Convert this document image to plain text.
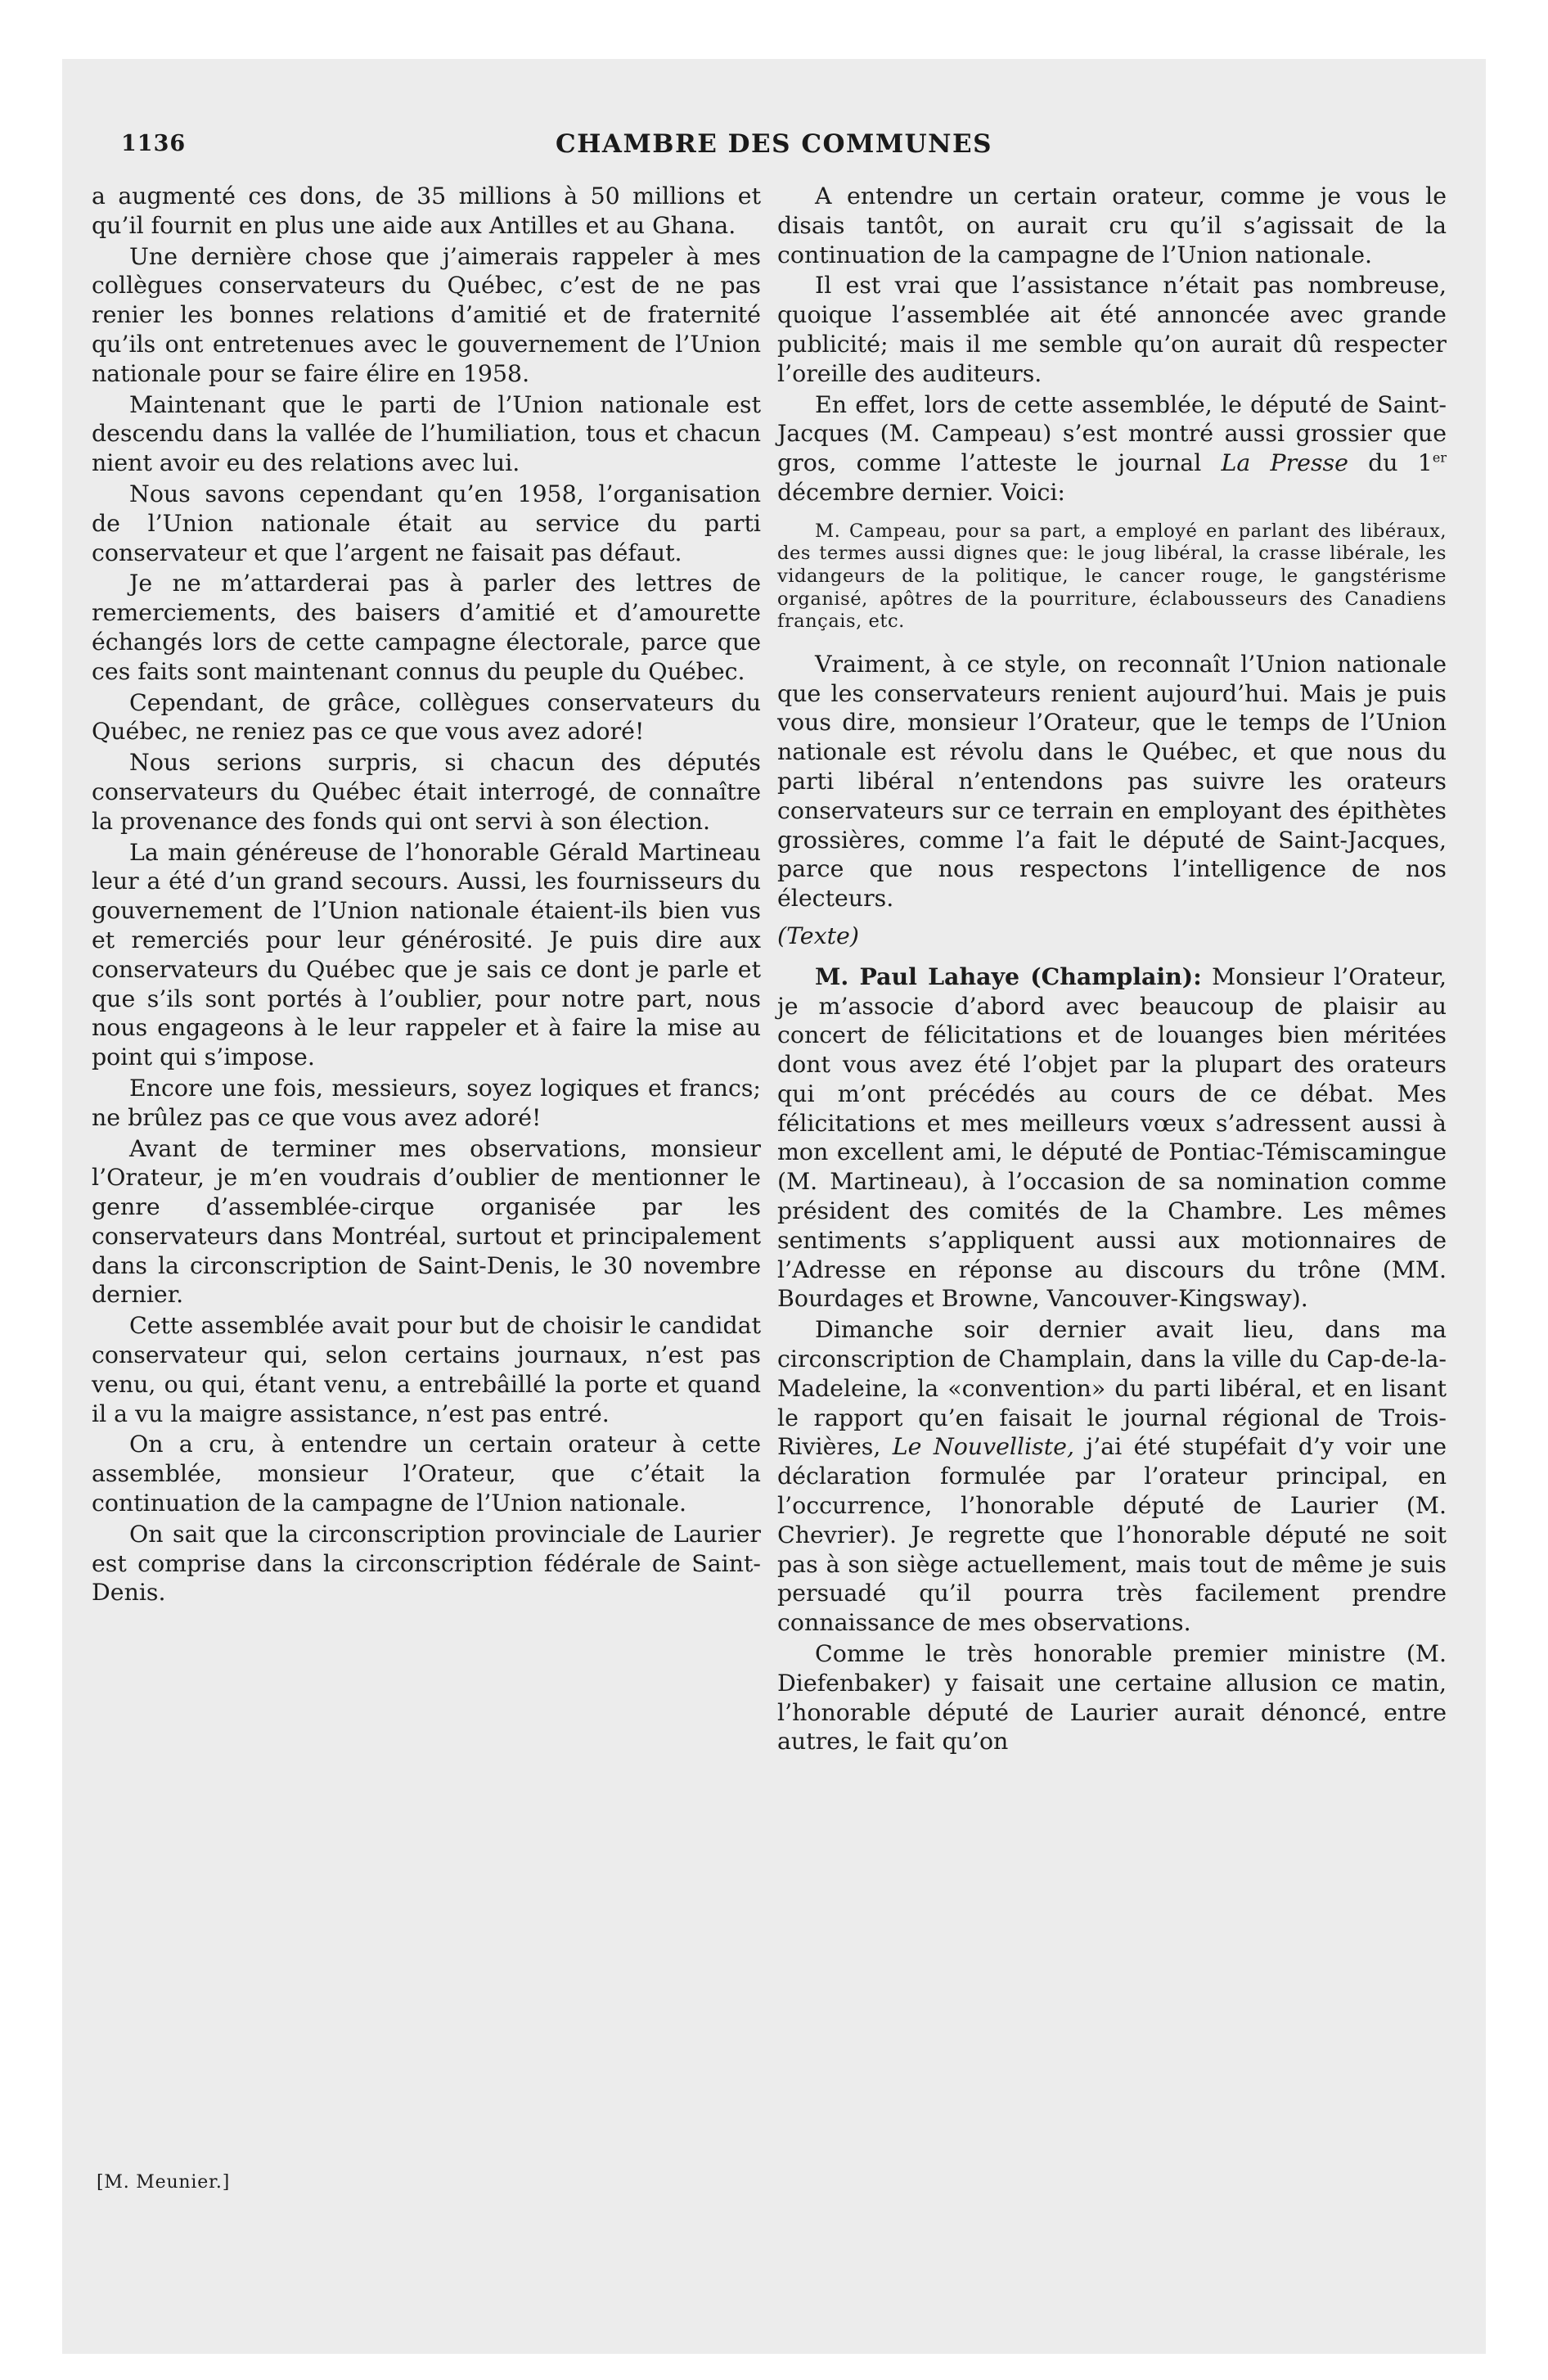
1136	CHAMBRE DES COMMUNES

a augmenté ces dons, de 35 millions à 50 millions et qu’il fournit en plus une aide aux Antilles et au Ghana.

Une dernière chose que j’aimerais rappeler à mes collègues conservateurs du Québec, c’est de ne pas renier les bonnes relations d’amitié et de fraternité qu’ils ont entretenues avec le gouvernement de l’Union nationale pour se faire élire en 1958.

Maintenant que le parti de l’Union nationale est descendu dans la vallée de l’humiliation, tous et chacun nient avoir eu des relations avec lui.

Nous savons cependant qu’en 1958, l’organisation de l’Union nationale était au service du parti conservateur et que l’argent ne faisait pas défaut.

Je ne m’attarderai pas à parler des lettres de remerciements, des baisers d’amitié et d’amourette échangés lors de cette campagne électorale, parce que ces faits sont maintenant connus du peuple du Québec.

Cependant, de grâce, collègues conservateurs du Québec, ne reniez pas ce que vous avez adoré!

Nous serions surpris, si chacun des députés conservateurs du Québec était interrogé, de connaître la provenance des fonds qui ont servi à son élection.

La main généreuse de l’honorable Gérald Martineau leur a été d’un grand secours. Aussi, les fournisseurs du gouvernement de l’Union nationale étaient-ils bien vus et remerciés pour leur générosité. Je puis dire aux conservateurs du Québec que je sais ce dont je parle et que s’ils sont portés à l’oublier, pour notre part, nous nous engageons à le leur rappeler et à faire la mise au point qui s’impose.

Encore une fois, messieurs, soyez logiques et francs; ne brûlez pas ce que vous avez adoré!

Avant de terminer mes observations, monsieur l’Orateur, je m’en voudrais d’oublier de mentionner le genre d’assemblée-cirque organisée par les conservateurs dans Montréal, surtout et principalement dans la circonscription de Saint-Denis, le 30 novembre dernier.

Cette assemblée avait pour but de choisir le candidat conservateur qui, selon certains journaux, n’est pas venu, ou qui, étant venu, a entrebâillé la porte et quand il a vu la maigre assistance, n’est pas entré.

On a cru, à entendre un certain orateur à cette assemblée, monsieur l’Orateur, que c’était la continuation de la campagne de l’Union nationale.

On sait que la circonscription provinciale de Laurier est comprise dans la circonscription fédérale de Saint-Denis.

[M. Meunier.]

A entendre un certain orateur, comme je vous le disais tantôt, on aurait cru qu’il s’agissait de la continuation de la campagne de l’Union nationale.

Il est vrai que l’assistance n’était pas nombreuse, quoique l’assemblée ait été annoncée avec grande publicité; mais il me semble qu’on aurait dû respecter l’oreille des auditeurs.

En effet, lors de cette assemblée, le député de Saint-Jacques (M. Campeau) s’est montré aussi grossier que gros, comme l’atteste le journal La Presse du 1er décembre dernier. Voici:

M. Campeau, pour sa part, a employé en parlant des libéraux, des termes aussi dignes que: le joug libéral, la crasse libérale, les vidangeurs de la politique, le cancer rouge, le gangstérisme organisé, apôtres de la pourriture, éclabousseurs des Canadiens français, etc.

Vraiment, à ce style, on reconnaît l’Union nationale que les conservateurs renient aujourd’hui. Mais je puis vous dire, monsieur l’Orateur, que le temps de l’Union nationale est révolu dans le Québec, et que nous du parti libéral n’entendons pas suivre les orateurs conservateurs sur ce terrain en employant des épithètes grossières, comme l’a fait le député de Saint-Jacques, parce que nous respectons l’intelligence de nos électeurs.

(Texte)

M. Paul Lahaye (Champlain): Monsieur l’Orateur, je m’associe d’abord avec beaucoup de plaisir au concert de félicitations et de louanges bien méritées dont vous avez été l’objet par la plupart des orateurs qui m’ont précédés au cours de ce débat. Mes félicitations et mes meilleurs vœux s’adressent aussi à mon excellent ami, le député de Pontiac-Témiscamingue (M. Martineau), à l’occasion de sa nomination comme président des comités de la Chambre. Les mêmes sentiments s’appliquent aussi aux motionnaires de l’Adresse en réponse au discours du trône (MM. Bourdages et Browne, Vancouver-Kingsway).

Dimanche soir dernier avait lieu, dans ma circonscription de Champlain, dans la ville du Cap-de-la-Madeleine, la «convention» du parti libéral, et en lisant le rapport qu’en faisait le journal régional de Trois-Rivières, Le Nouvelliste, j’ai été stupéfait d’y voir une déclaration formulée par l’orateur principal, en l’occurrence, l’honorable député de Laurier (M. Chevrier). Je regrette que l’honorable député ne soit pas à son siège actuellement, mais tout de même je suis persuadé qu’il pourra très facilement prendre connaissance de mes observations.

Comme le très honorable premier ministre (M. Diefenbaker) y faisait une certaine allusion ce matin, l’honorable député de Laurier aurait dénoncé, entre autres, le fait qu’on
